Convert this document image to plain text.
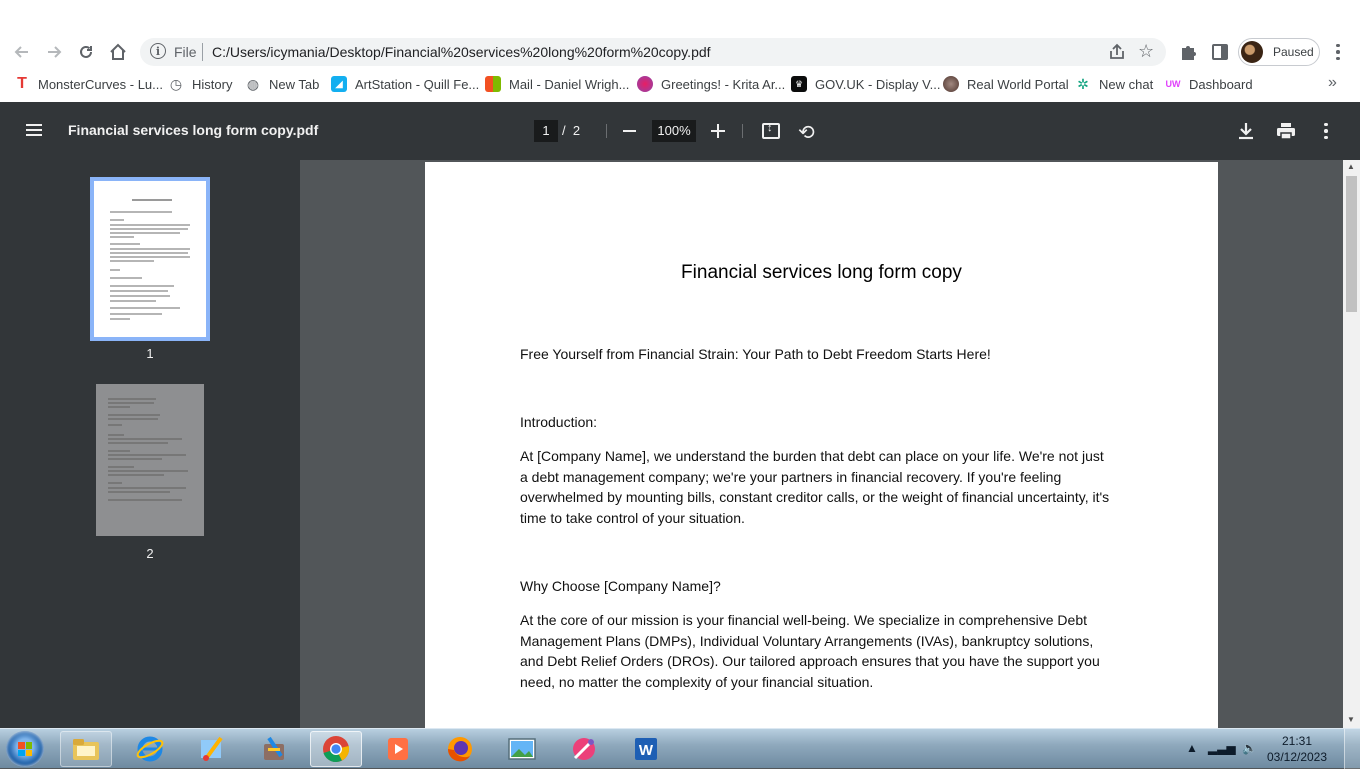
i File C:/Users/icymania/Desktop/Financial%20services%20long%20form%20copy.pdf	☆	Paused
T MonsterCurves - Lu... ◷ History ◍ New Tab	◢ ArtStation - Quill Fe... Mail - Daniel Wrigh... Greetings! - Krita Ar...	♛ GOV.UK - Display V... Real World Portal ✲ New chat UW Dashboard	»
Financial services long form copy.pdf	1 / 2	100%
↕	⟲
1
2
Financial services long form copy

Free Yourself from Financial Strain: Your Path to Debt Freedom Starts Here!

Introduction:

At [Company Name], we understand the burden that debt can place on your life. We're not just a debt management company; we're your partners in financial recovery. If you're feeling overwhelmed by mounting bills, constant creditor calls, or the weight of financial uncertainty, it's time to take control of your situation.

Why Choose [Company Name]?

At the core of our mission is your financial well-being. We specialize in comprehensive Debt Management Plans (DMPs), Individual Voluntary Arrangements (IVAs), bankruptcy solutions, and Debt Relief Orders (DROs). Our tailored approach ensures that you have the support you need, no matter the complexity of your financial situation.

▲
▼
W	▲ ▂▃▅ 🔈	21:31
03/12/2023
